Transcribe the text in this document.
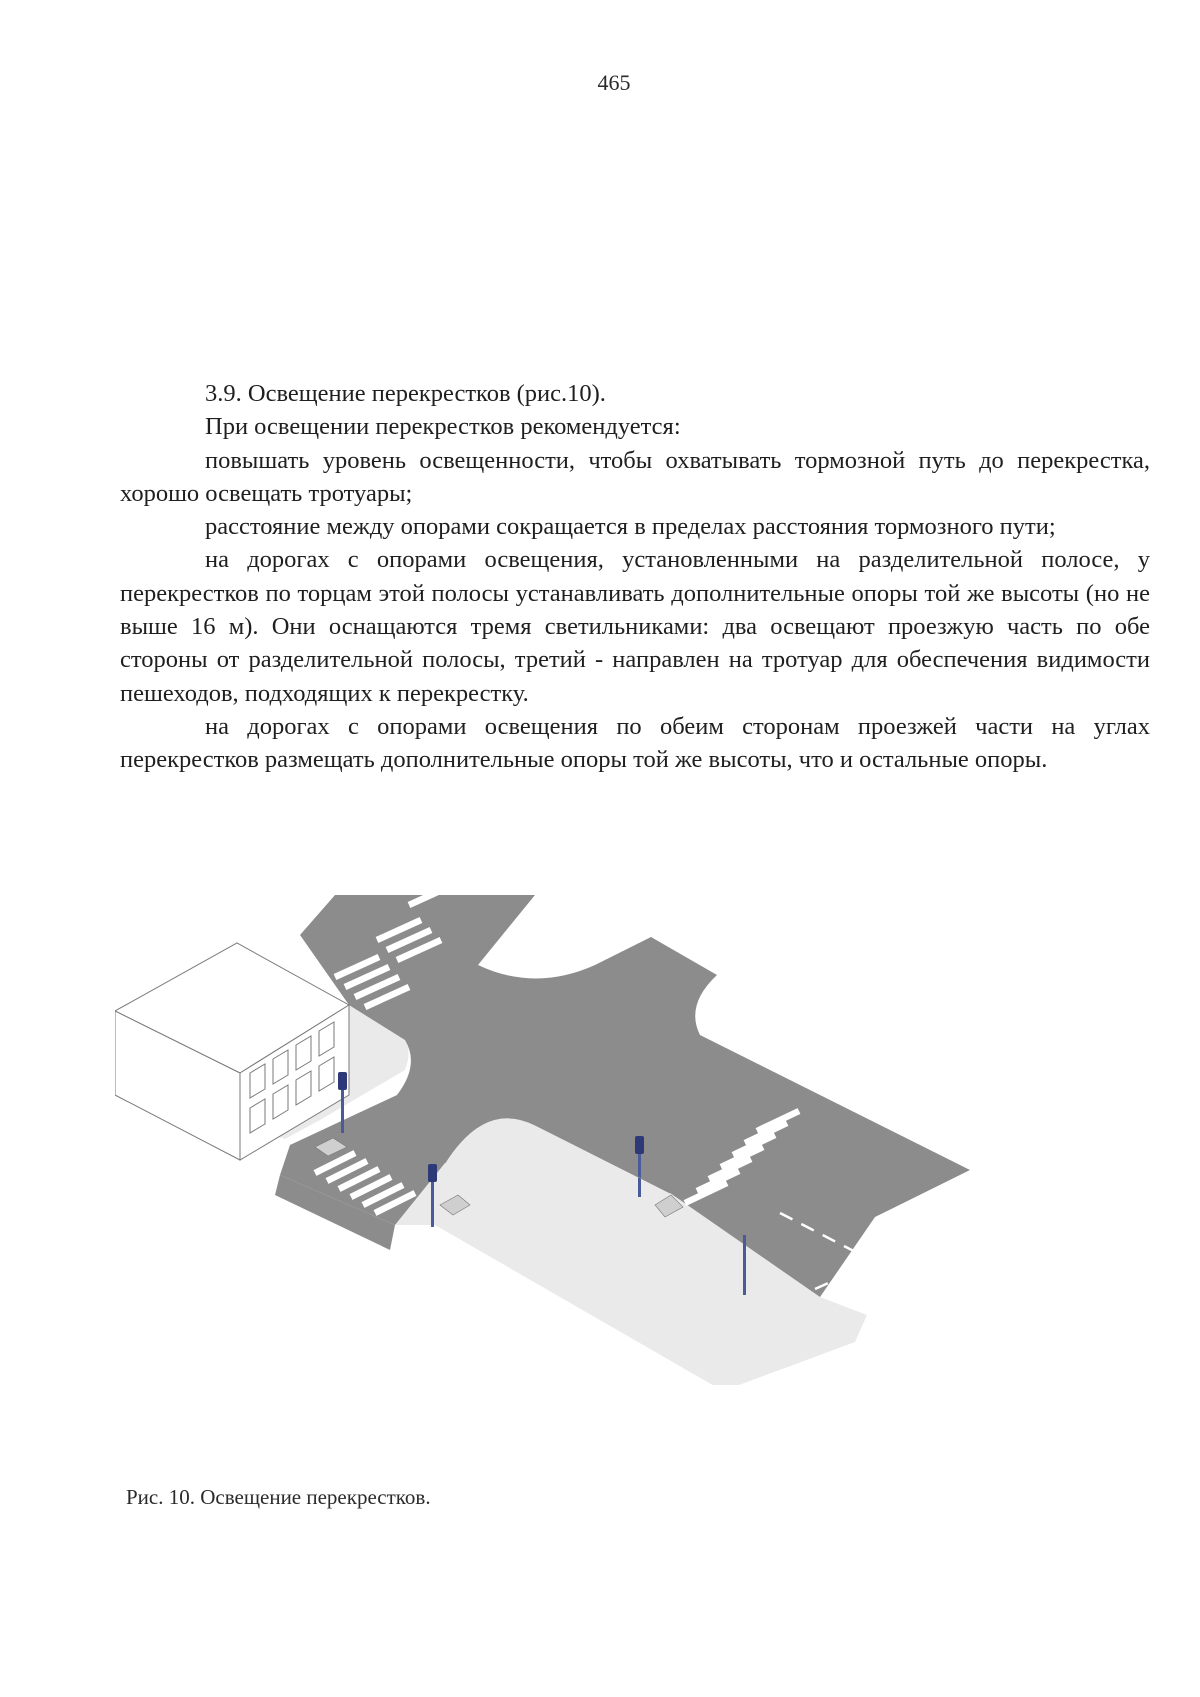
465

3.9. Освещение перекрестков (рис.10).

При освещении перекрестков рекомендуется:

повышать уровень освещенности, чтобы охватывать тормозной путь до перекрестка, хорошо освещать тротуары;

расстояние между опорами сокращается в пределах расстояния тормозного пути;

на дорогах с опорами освещения, установленными на разделительной полосе, у перекрестков по торцам этой полосы устанавливать дополнительные опоры той же высоты (но не выше 16 м). Они оснащаются тремя светильниками: два освещают проезжую часть по обе стороны от разделительной полосы, третий - направлен на тротуар для обеспечения видимости пешеходов, подходящих к перекрестку.

на дорогах с опорами освещения по обеим сторонам проезжей части на углах перекрестков размещать дополнительные опоры той же высоты, что и остальные опоры.

Рис. 10. Освещение перекрестков.
